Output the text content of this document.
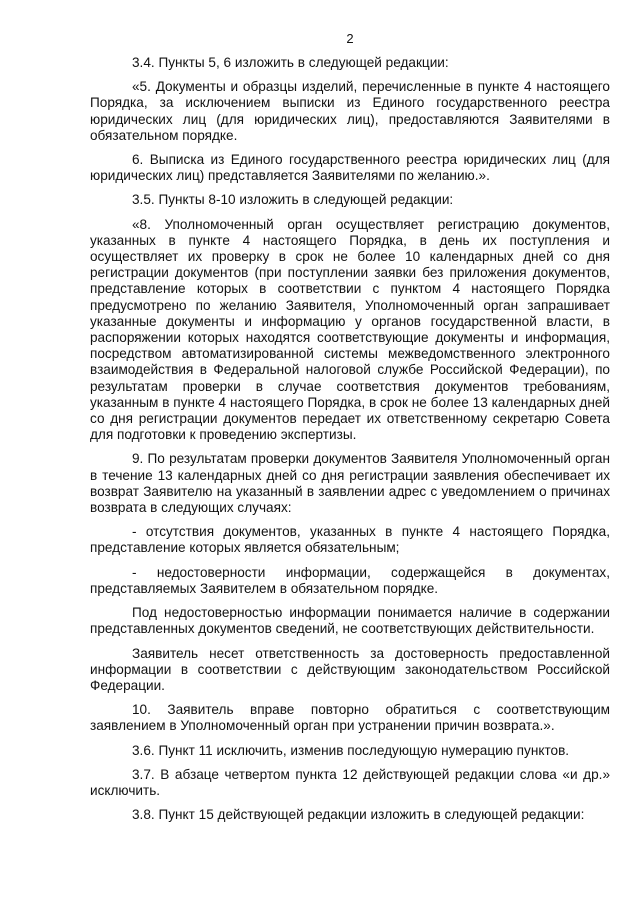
2

3.4. Пункты 5, 6 изложить в следующей редакции:

«5. Документы и образцы изделий, перечисленные в пункте 4 настоящего Порядка, за исключением выписки из Единого государственного реестра юридических лиц (для юридических лиц), предоставляются Заявителями в обязательном порядке.

6. Выписка из Единого государственного реестра юридических лиц (для юридических лиц) представляется Заявителями по желанию.».

3.5. Пункты 8-10 изложить в следующей редакции:

«8. Уполномоченный орган осуществляет регистрацию документов, указанных в пункте 4 настоящего Порядка, в день их поступления и осуществляет их проверку в срок не более 10 календарных дней со дня регистрации документов (при поступлении заявки без приложения документов, представление которых в соответствии с пунктом 4 настоящего Порядка предусмотрено по желанию Заявителя, Уполномоченный орган запрашивает указанные документы и информацию у органов государственной власти, в распоряжении которых находятся соответствующие документы и информация, посредством автоматизированной системы межведомственного электронного взаимодействия в Федеральной налоговой службе Российской Федерации), по результатам проверки в случае соответствия документов требованиям, указанным в пункте 4 настоящего Порядка, в срок не более 13 календарных дней со дня регистрации документов передает их ответственному секретарю Совета для подготовки к проведению экспертизы.

9. По результатам проверки документов Заявителя Уполномоченный орган в течение 13 календарных дней со дня регистрации заявления обеспечивает их возврат Заявителю на указанный в заявлении адрес с уведомлением о причинах возврата в следующих случаях:

- отсутствия документов, указанных в пункте 4 настоящего Порядка, представление которых является обязательным;

- недостоверности информации, содержащейся в документах, представляемых Заявителем в обязательном порядке.

Под недостоверностью информации понимается наличие в содержании представленных документов сведений, не соответствующих действительности.

Заявитель несет ответственность за достоверность предоставленной информации в соответствии с действующим законодательством Российской Федерации.

10. Заявитель вправе повторно обратиться с соответствующим заявлением в Уполномоченный орган при устранении причин возврата.».

3.6. Пункт 11 исключить, изменив последующую нумерацию пунктов.

3.7. В абзаце четвертом пункта 12 действующей редакции слова «и др.» исключить.

3.8. Пункт 15 действующей редакции изложить в следующей редакции:
